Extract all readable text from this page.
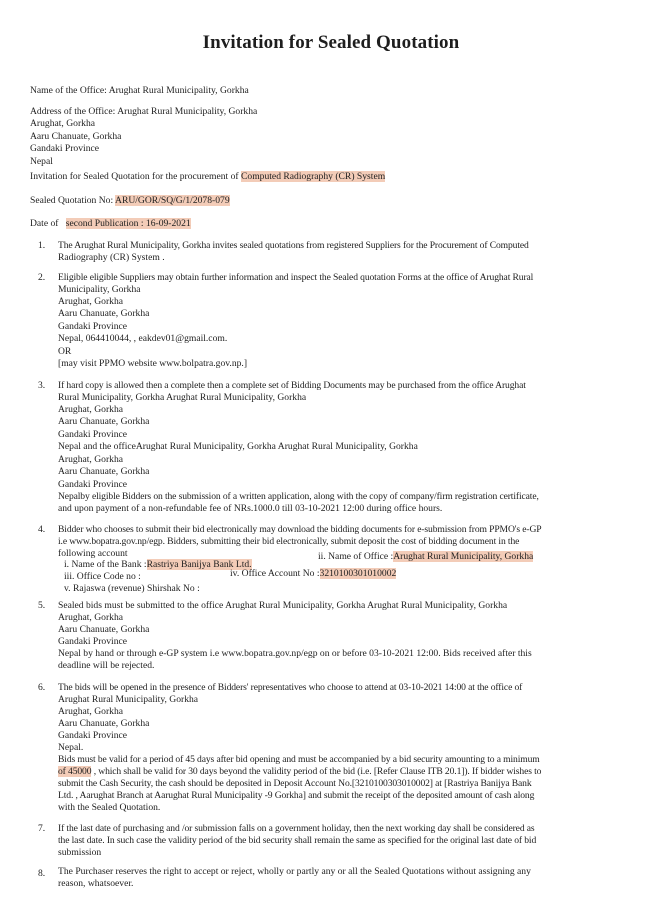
Invitation for Sealed Quotation
Name of the Office: Arughat Rural Municipality, Gorkha
Address of the Office: Arughat Rural Municipality, Gorkha
Arughat, Gorkha
Aaru Chanuate, Gorkha
Gandaki Province
Nepal
Invitation for Sealed Quotation for the procurement of Computed Radiography (CR) System
Sealed Quotation No: ARU/GOR/SQ/G/1/2078-079
Date of second Publication : 16-09-2021
1. The Arughat Rural Municipality, Gorkha invites sealed quotations from registered Suppliers for the Procurement of Computed
Radiography (CR) System .
2. Eligible eligible Suppliers may obtain further information and inspect the Sealed quotation Forms at the office of Arughat Rural
Municipality, Gorkha
Arughat, Gorkha
Aaru Chanuate, Gorkha
Gandaki Province
Nepal, 064410044, , eakdev01@gmail.com.
OR
[may visit PPMO website www.bolpatra.gov.np.]
3. If hard copy is allowed then a complete then a complete set of Bidding Documents may be purchased from the office Arughat
Rural Municipality, Gorkha Arughat Rural Municipality, Gorkha
Arughat, Gorkha
Aaru Chanuate, Gorkha
Gandaki Province
Nepal and the officeArughat Rural Municipality, Gorkha Arughat Rural Municipality, Gorkha
Arughat, Gorkha
Aaru Chanuate, Gorkha
Gandaki Province
Nepalby eligible Bidders on the submission of a written application, along with the copy of company/firm registration certificate,
and upon payment of a non-refundable fee of NRs.1000.0 till 03-10-2021 12:00 during office hours.
4. Bidder who chooses to submit their bid electronically may download the bidding documents for e-submission from PPMO's e-GP
i.e www.bopatra.gov.np/egp. Bidders, submitting their bid electronically, submit deposit the cost of bidding document in the
following account
i. Name of the Bank :Rastriya Banijya Bank Ltd.
ii. Name of Office :Arughat Rural Municipality, Gorkha
iii. Office Code no :	iv. Office Account No :3210100301010002
v. Rajaswa (revenue) Shirshak No :
5. Sealed bids must be submitted to the office Arughat Rural Municipality, Gorkha Arughat Rural Municipality, Gorkha
Arughat, Gorkha
Aaru Chanuate, Gorkha
Gandaki Province
Nepal by hand or through e-GP system i.e www.bopatra.gov.np/egp on or before 03-10-2021 12:00. Bids received after this
deadline will be rejected.
6. The bids will be opened in the presence of Bidders' representatives who choose to attend at 03-10-2021 14:00 at the office of
Arughat Rural Municipality, Gorkha
Arughat, Gorkha
Aaru Chanuate, Gorkha
Gandaki Province
Nepal.
Bids must be valid for a period of 45 days after bid opening and must be accompanied by a bid security amounting to a minimum
of 45000 , which shall be valid for 30 days beyond the validity period of the bid (i.e. [Refer Clause ITB 20.1]). If bidder wishes to
submit the Cash Security, the cash should be deposited in Deposit Account No.[3210100303010002] at [Rastriya Banijya Bank
Ltd. , Aarughat Branch at Aarughat Rural Municipality -9 Gorkha] and submit the receipt of the deposited amount of cash along
with the Sealed Quotation.
7. If the last date of purchasing and /or submission falls on a government holiday, then the next working day shall be considered as
the last date. In such case the validity period of the bid security shall remain the same as specified for the original last date of bid
submission
8. The Purchaser reserves the right to accept or reject, wholly or partly any or all the Sealed Quotations without assigning any
reason, whatsoever.
